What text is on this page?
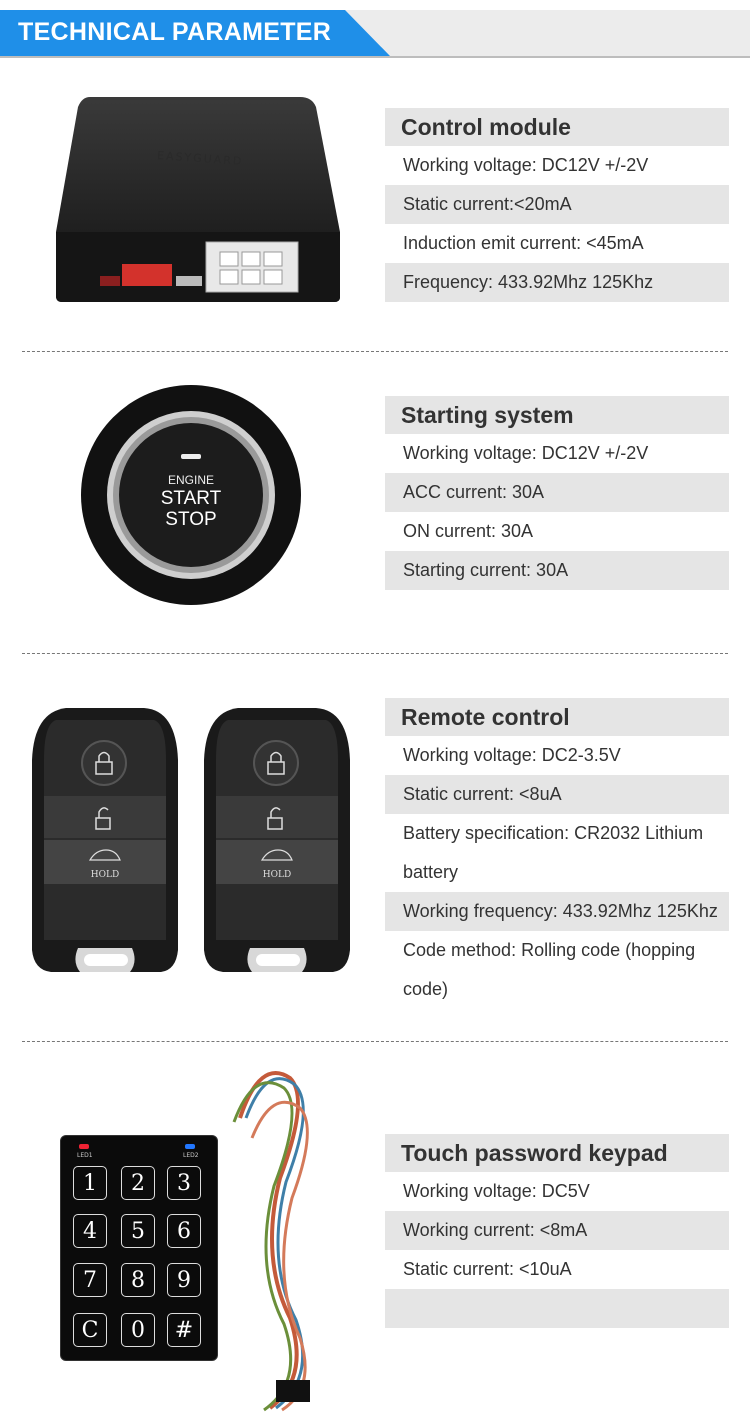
TECHNICAL PARAMETER
EASYGUARD
Control module
Working voltage: DC12V +/-2V
Static current:<20mA
Induction emit current: <45mA
Frequency: 433.92Mhz 125Khz
ENGINE
START
STOP
Starting system
Working voltage: DC12V +/-2V
ACC current: 30A
ON current: 30A
Starting current: 30A
HOLD	HOLD
Remote control
Working voltage: DC2-3.5V
Static current: <8uA
Battery specification: CR2032 Lithium battery
Working frequency: 433.92Mhz 125Khz
Code method: Rolling code (hopping code)
LED1	LED2
1	2	3
4	5	6
7	8	9
C	0	#
Touch password keypad
Working voltage: DC5V
Working current: <8mA
Static current: <10uA
